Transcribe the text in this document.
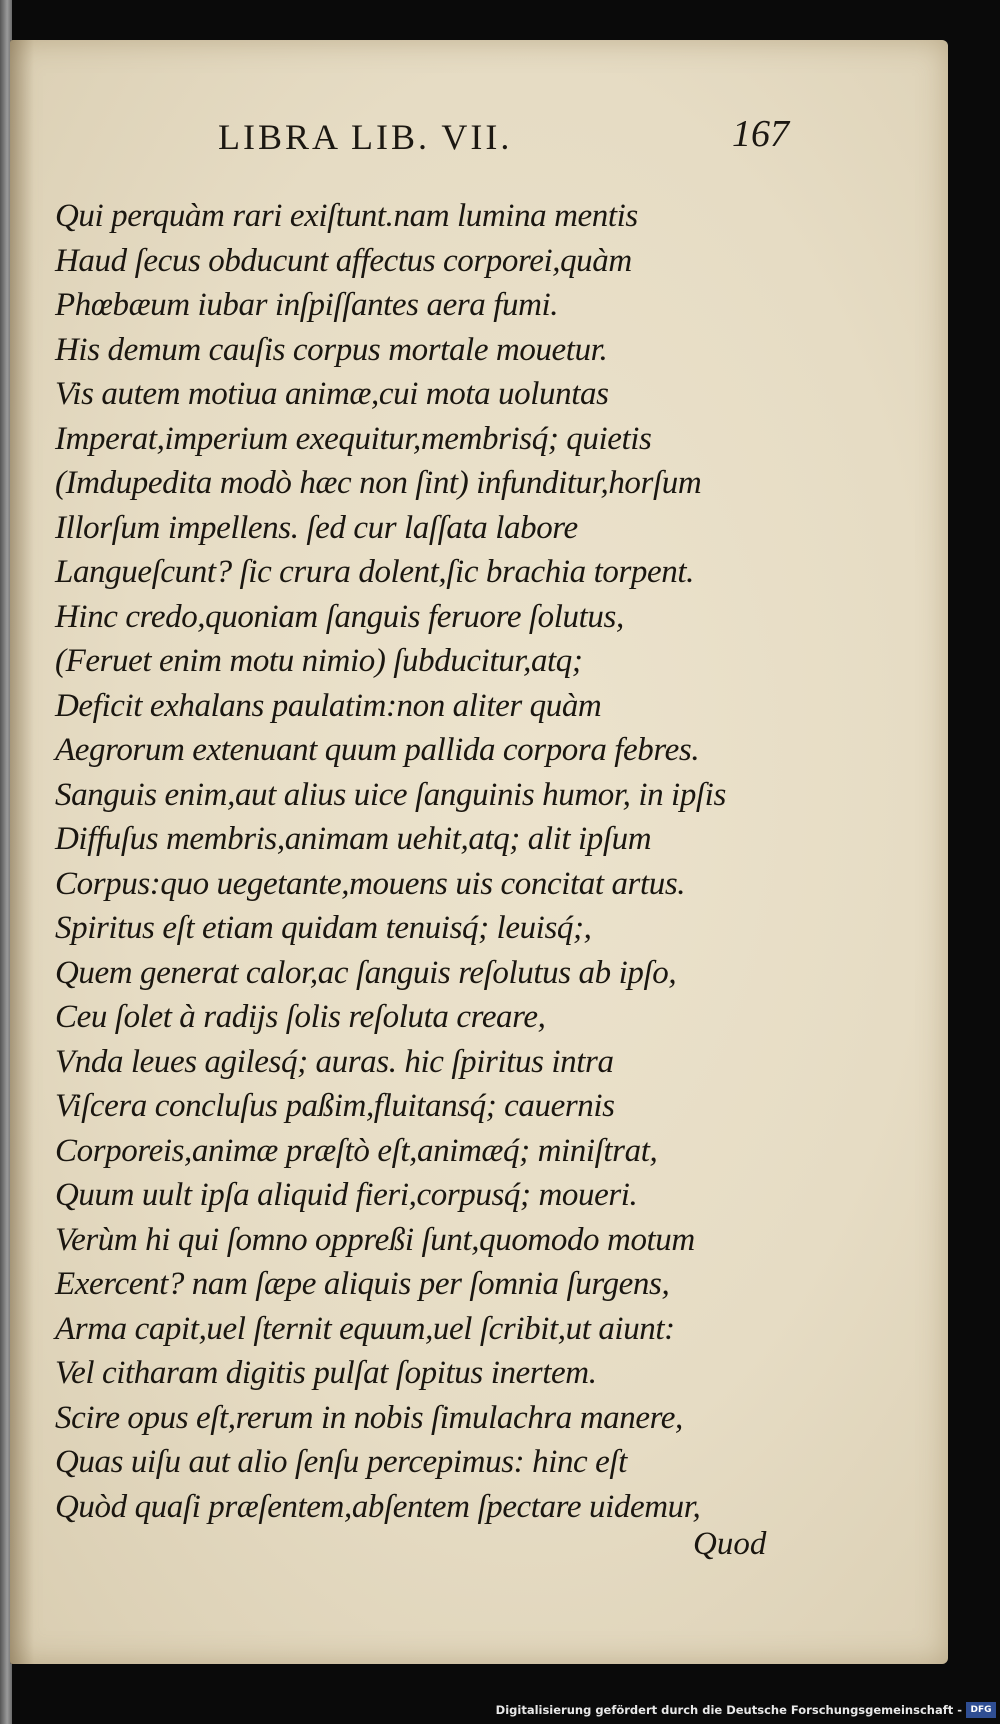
LIBRA LIB. VII.	167
Qui perquàm rari exiſtunt.nam lumina mentis
Haud ſecus obducunt affectus corporei,quàm
Phœbæum iubar inſpiſſantes aera fumi.
His demum cauſis corpus mortale mouetur.
Vis autem motiua animæ,cui mota uoluntas
Imperat,imperium exequitur,membrisq́; quietis
(Imdupedita modò hæc non ſint) infunditur,horſum
Illorſum impellens. ſed cur laſſata labore
Langueſcunt? ſic crura dolent,ſic brachia torpent.
Hinc credo,quoniam ſanguis feruore ſolutus,
(Feruet enim motu nimio) ſubducitur,atq;
Deficit exhalans paulatim:non aliter quàm
Aegrorum extenuant quum pallida corpora febres.
Sanguis enim,aut alius uice ſanguinis humor, in ipſis
Diffuſus membris,animam uehit,atq; alit ipſum
Corpus:quo uegetante,mouens uis concitat artus.
Spiritus eſt etiam quidam tenuisq́; leuisq́;,
Quem generat calor,ac ſanguis reſolutus ab ipſo,
Ceu ſolet à radijs ſolis reſoluta creare,
Vnda leues agilesq́; auras. hic ſpiritus intra
Viſcera concluſus paßim,fluitansq́; cauernis
Corporeis,animæ præſtò eſt,animæq́; miniſtrat,
Quum uult ipſa aliquid fieri,corpusq́; moueri.
Verùm hi qui ſomno oppreßi ſunt,quomodo motum
Exercent? nam ſæpe aliquis per ſomnia ſurgens,
Arma capit,uel ſternit equum,uel ſcribit,ut aiunt:
Vel citharam digitis pulſat ſopitus inertem.
Scire opus eſt,rerum in nobis ſimulachra manere,
Quas uiſu aut alio ſenſu percepimus: hinc eſt
Quòd quaſi præſentem,abſentem ſpectare uidemur,
Quod
Digitalisierung gefördert durch die Deutsche Forschungsgemeinschaft - DFG
